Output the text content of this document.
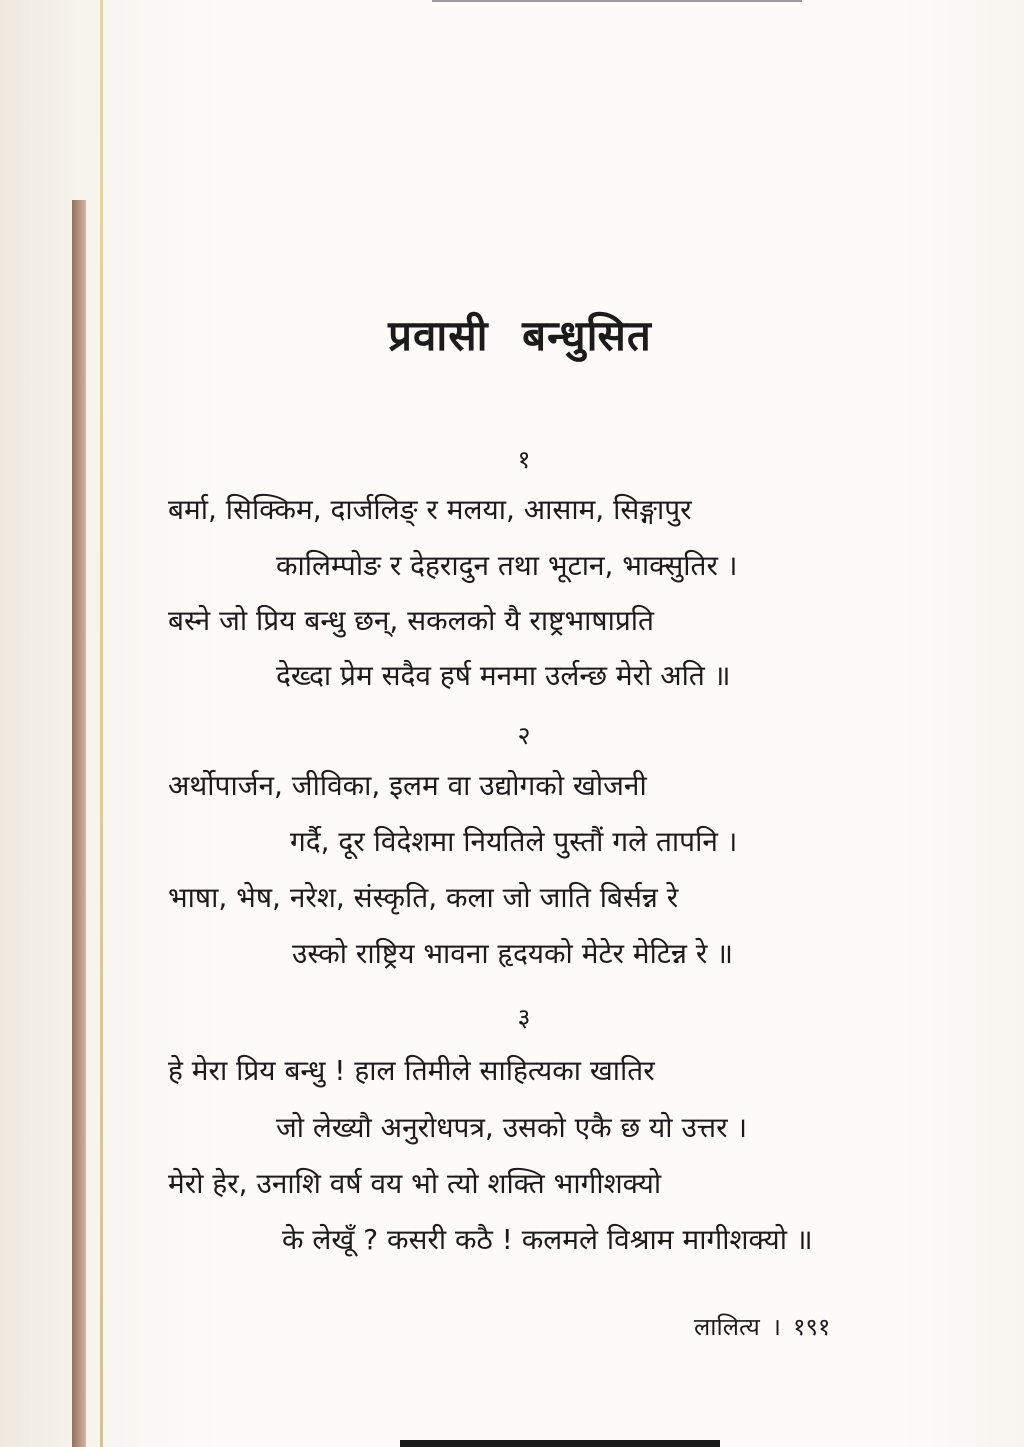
प्रवासी बन्धुसित
१
बर्मा, सिक्किम, दार्जलिङ् र मलया, आसाम, सिङ्गापुर
कालिम्पोङ र देहरादुन तथा भूटान, भाक्सुतिर ।
बस्ने जो प्रिय बन्धु छन्, सकलको यै राष्ट्रभाषाप्रति
देख्दा प्रेम सदैव हर्ष मनमा उर्लन्छ मेरो अति ॥
२
अर्थोपार्जन, जीविका, इलम वा उद्योगको खोजनी
गर्दै, दूर विदेशमा नियतिले पुस्तौं गले तापनि ।
भाषा, भेष, नरेश, संस्कृति, कला जो जाति बिर्सन्न रे
उस्को राष्ट्रिय भावना हृदयको मेटेर मेटिन्न रे ॥
३
हे मेरा प्रिय बन्धु ! हाल तिमीले साहित्यका खातिर
जो लेख्यौ अनुरोधपत्र, उसको एकै छ यो उत्तर ।
मेरो हेर, उनाशि वर्ष वय भो त्यो शक्ति भागीशक्यो
के लेखूँ ? कसरी कठै ! कलमले विश्राम मागीशक्यो ॥
लालित्य । १९१
